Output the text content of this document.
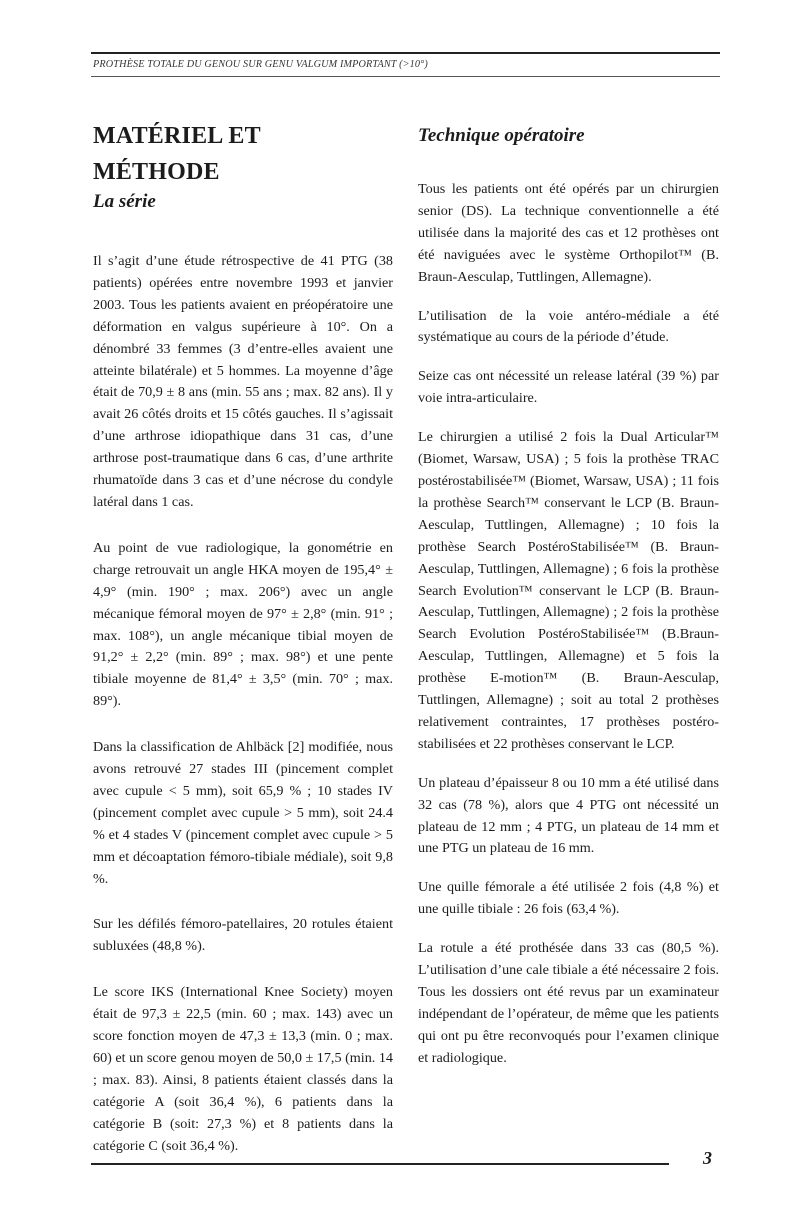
PROTHÈSE TOTALE DU GENOU SUR GENU VALGUM IMPORTANT (>10°)
MATÉRIEL ET MÉTHODE
La série

Il s’agit d’une étude rétrospective de 41 PTG (38 patients) opérées entre novembre 1993 et janvier 2003. Tous les patients avaient en préopératoire une déformation en valgus supérieure à 10°. On a dénombré 33 femmes (3 d’entre-elles avaient une atteinte bilatérale) et 5 hommes. La moyenne d’âge était de 70,9 ± 8 ans (min. 55 ans ; max. 82 ans). Il y avait 26 côtés droits et 15 côtés gauches. Il s’agissait d’une arthrose idiopathique dans 31 cas, d’une arthrose post-traumatique dans 6 cas, d’une arthrite rhumatoïde dans 3 cas et d’une nécrose du condyle latéral dans 1 cas.

Au point de vue radiologique, la gonométrie en charge retrouvait un angle HKA moyen de 195,4° ± 4,9° (min. 190° ; max. 206°) avec un angle mécanique fémoral moyen de 97° ± 2,8° (min. 91° ; max. 108°), un angle mécanique tibial moyen de 91,2° ± 2,2° (min. 89° ; max. 98°) et une pente tibiale moyenne de 81,4° ± 3,5° (min. 70° ; max. 89°).

Dans la classification de Ahlbäck [2] modifiée, nous avons retrouvé 27 stades III (pincement complet avec cupule < 5 mm), soit 65,9 % ; 10 stades IV (pincement complet avec cupule > 5 mm), soit 24.4 % et 4 stades V (pincement complet avec cupule > 5 mm et décoaptation fémoro-tibiale médiale), soit 9,8 %.

Sur les défilés fémoro-patellaires, 20 rotules étaient subluxées (48,8 %).

Le score IKS (International Knee Society) moyen était de 97,3 ± 22,5 (min. 60 ; max. 143) avec un score fonction moyen de 47,3 ± 13,3 (min. 0 ; max. 60) et un score genou moyen de 50,0 ± 17,5 (min. 14 ; max. 83). Ainsi, 8 patients étaient classés dans la catégorie A (soit 36,4 %), 6 patients dans la catégorie B (soit: 27,3 %) et 8 patients dans la catégorie C (soit 36,4 %).

Technique opératoire

Tous les patients ont été opérés par un chirurgien senior (DS). La technique conventionnelle a été utilisée dans la majorité des cas et 12 prothèses ont été naviguées avec le système Orthopilot™ (B. Braun-Aesculap, Tuttlingen, Allemagne).

L’utilisation de la voie antéro-médiale a été systématique au cours de la période d’étude.

Seize cas ont nécessité un release latéral (39 %) par voie intra-articulaire.

Le chirurgien a utilisé 2 fois la Dual Articular™ (Biomet, Warsaw, USA) ; 5 fois la prothèse TRAC postérostabilisée™ (Biomet, Warsaw, USA) ; 11 fois la prothèse Search™ conservant le LCP (B. Braun-Aesculap, Tuttlingen, Allemagne) ; 10 fois la prothèse Search PostéroStabilisée™ (B. Braun-Aesculap, Tuttlingen, Allemagne) ; 6 fois la prothèse Search Evolution™ conservant le LCP (B. Braun-Aesculap, Tuttlingen, Allemagne) ; 2 fois la prothèse Search Evolution PostéroStabilisée™ (B.Braun-Aesculap, Tuttlingen, Allemagne) et 5 fois la prothèse E-motion™ (B. Braun-Aesculap, Tuttlingen, Allemagne) ; soit au total 2 prothèses relativement contraintes, 17 prothèses postéro-stabilisées et 22 prothèses conservant le LCP.

Un plateau d’épaisseur 8 ou 10 mm a été utilisé dans 32 cas (78 %), alors que 4 PTG ont nécessité un plateau de 12 mm ; 4 PTG, un plateau de 14 mm et une PTG un plateau de 16 mm.

Une quille fémorale a été utilisée 2 fois (4,8 %) et une quille tibiale : 26 fois (63,4 %).

La rotule a été prothésée dans 33 cas (80,5 %). L’utilisation d’une cale tibiale a été nécessaire 2 fois. Tous les dossiers ont été revus par un examinateur indépendant de l’opérateur, de même que les patients qui ont pu être reconvoqués pour l’examen clinique et radiologique.

3
